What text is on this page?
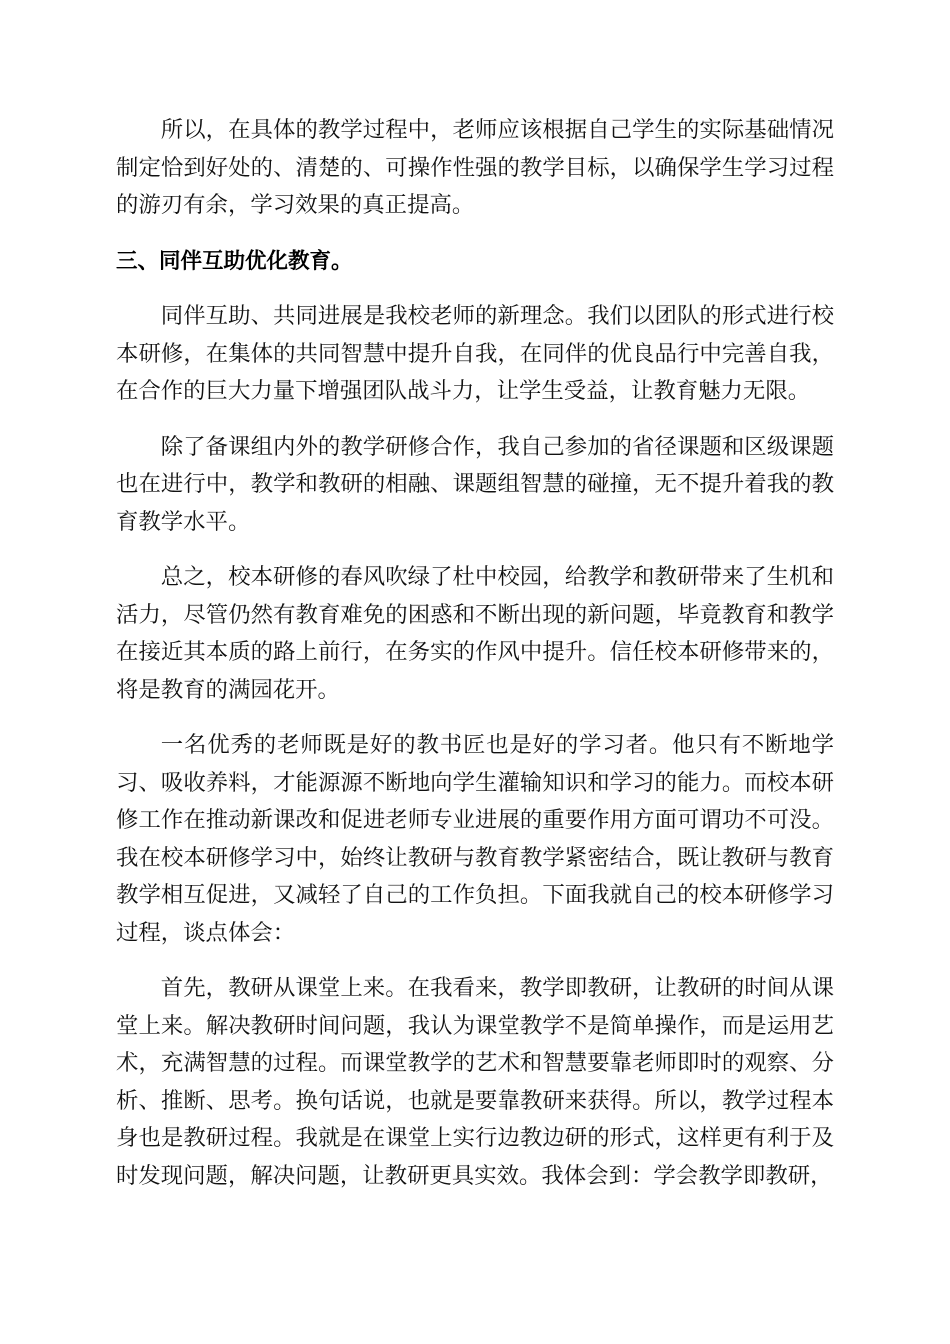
所以，在具体的教学过程中，老师应该根据自己学生的实际基础情况制定恰到好处的、清楚的、可操作性强的教学目标，以确保学生学习过程的游刃有余，学习效果的真正提高。

三、同伴互助优化教育。

同伴互助、共同进展是我校老师的新理念。我们以团队的形式进行校本研修，在集体的共同智慧中提升自我，在同伴的优良品行中完善自我，在合作的巨大力量下增强团队战斗力，让学生受益，让教育魅力无限。

除了备课组内外的教学研修合作，我自己参加的省径课题和区级课题也在进行中，教学和教研的相融、课题组智慧的碰撞，无不提升着我的教育教学水平。

总之，校本研修的春风吹绿了杜中校园，给教学和教研带来了生机和活力，尽管仍然有教育难免的困惑和不断出现的新问题，毕竟教育和教学在接近其本质的路上前行，在务实的作风中提升。信任校本研修带来的，将是教育的满园花开。

一名优秀的老师既是好的教书匠也是好的学习者。他只有不断地学习、吸收养料，才能源源不断地向学生灌输知识和学习的能力。而校本研修工作在推动新课改和促进老师专业进展的重要作用方面可谓功不可没。我在校本研修学习中，始终让教研与教育教学紧密结合，既让教研与教育教学相互促进，又减轻了自己的工作负担。下面我就自己的校本研修学习过程，谈点体会：

首先，教研从课堂上来。在我看来，教学即教研，让教研的时间从课堂上来。解决教研时间问题，我认为课堂教学不是简单操作，而是运用艺术，充满智慧的过程。而课堂教学的艺术和智慧要靠老师即时的观察、分析、推断、思考。换句话说，也就是要靠教研来获得。所以，教学过程本身也是教研过程。我就是在课堂上实行边教边研的形式，这样更有利于及时发现问题，解决问题，让教研更具实效。我体会到：学会教学即教研，
